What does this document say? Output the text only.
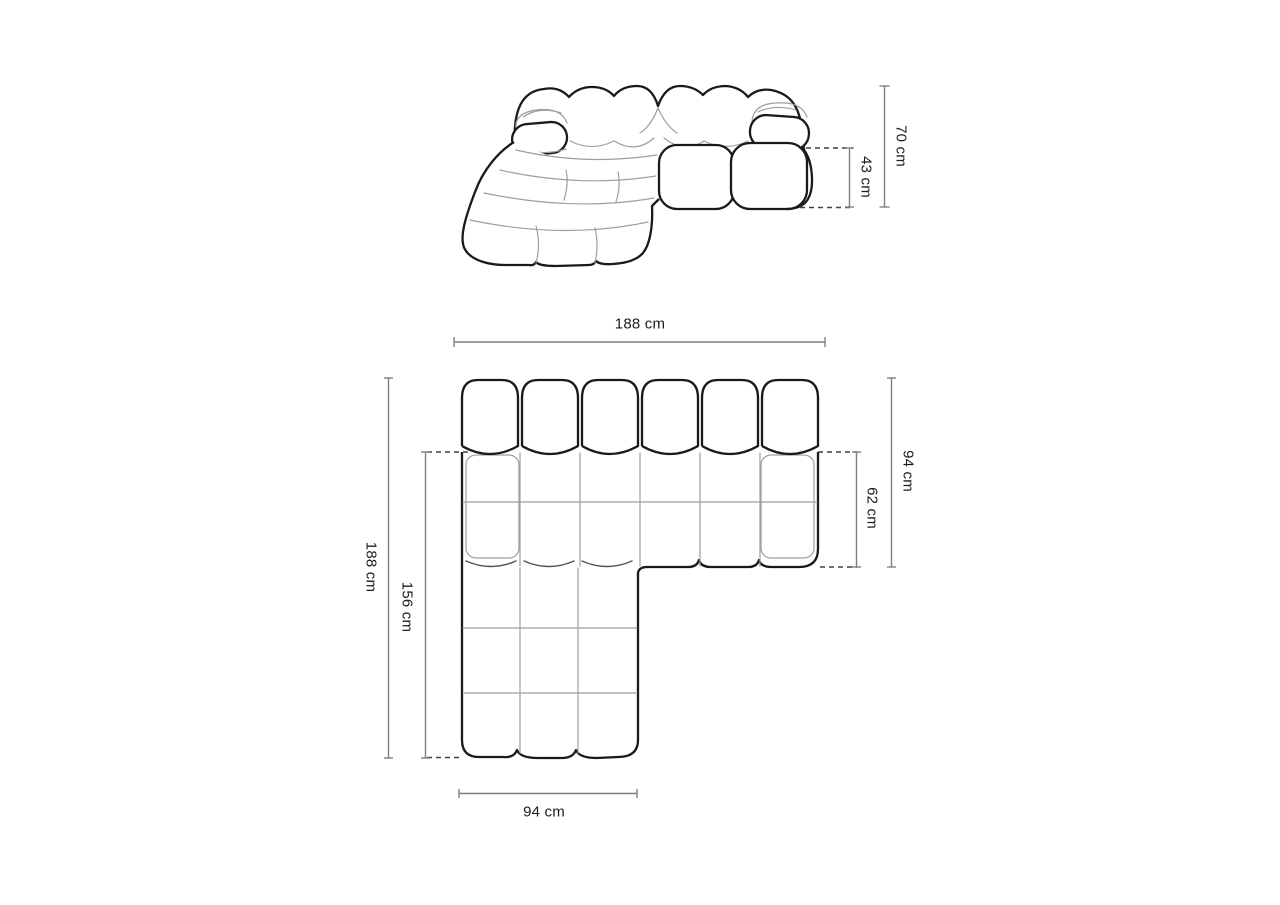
70 cm
43 cm
188 cm
94 cm
62 cm
188 cm
156 cm
94 cm
